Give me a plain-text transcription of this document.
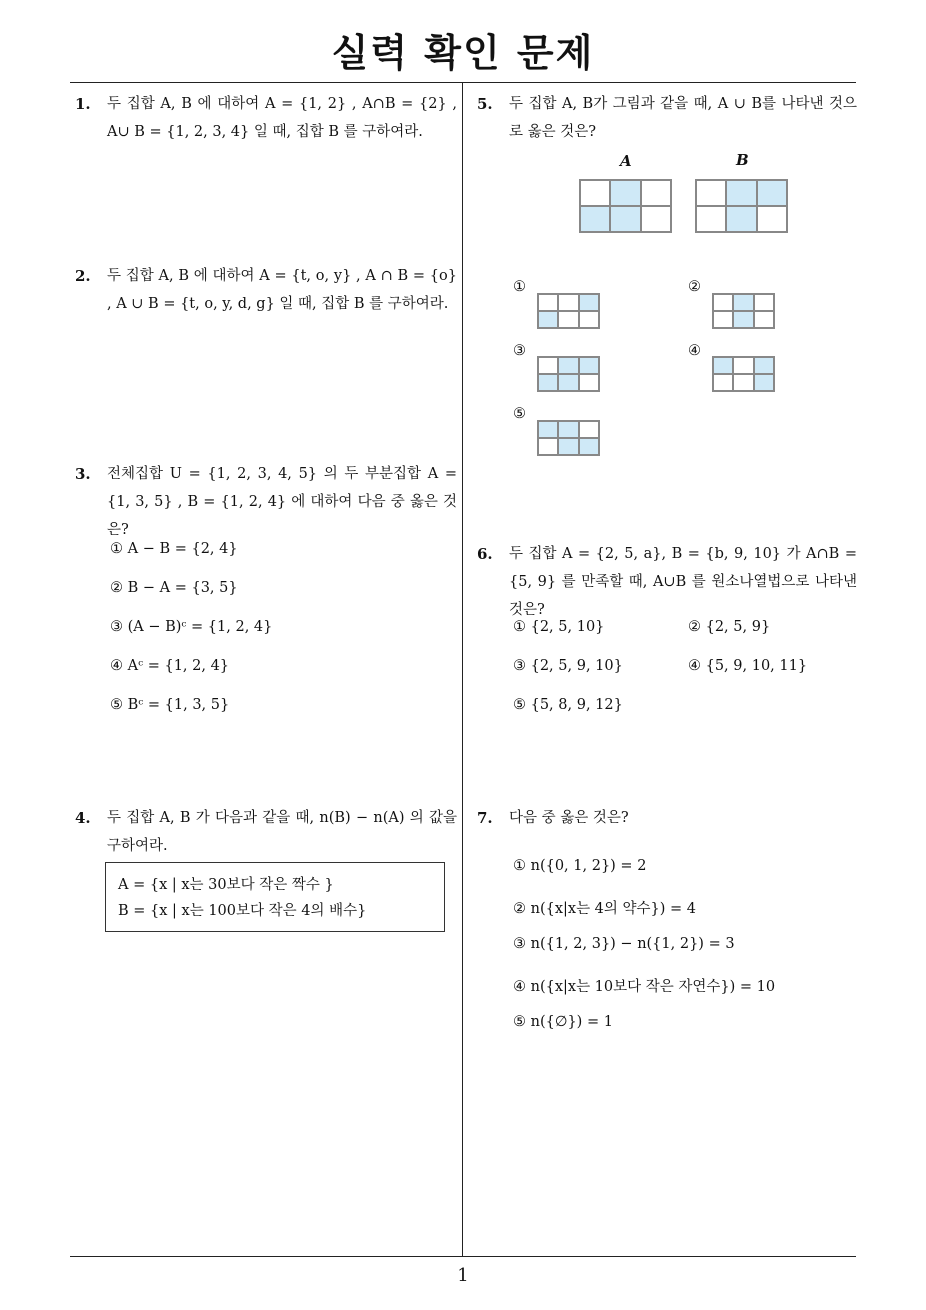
실력 확인 문제
1
1. 두 집합 A, B 에 대하여 A = {1, 2} , A∩B = {2} , A∪ B = {1, 2, 3, 4} 일 때, 집합 B 를 구하여라.
2. 두 집합 A, B 에 대하여 A = {t, o, y} , A ∩ B = {o} , A ∪ B = {t, o, y, d, g} 일 때, 집합 B 를 구하여라.
3. 전체집합 U = {1, 2, 3, 4, 5} 의 두 부분집합 A = {1, 3, 5} , B = {1, 2, 4} 에 대하여 다음 중 옳은 것은?
① A − B = {2, 4}
② B − A = {3, 5}
③ (A − B)ᶜ = {1, 2, 4}
④ Aᶜ = {1, 2, 4}
⑤ Bᶜ = {1, 3, 5}
4. 두 집합 A, B 가 다음과 같을 때, n(B) − n(A) 의 값을 구하여라.
A = {x | x는 30보다 작은 짝수 }
B = {x | x는 100보다 작은 4의 배수}
5. 두 집합 A, B가 그림과 같을 때, A ∪ B를 나타낸 것으로 옳은 것은?
A	B
①	②
③	④
⑤
6. 두 집합 A = {2, 5, a}, B = {b, 9, 10} 가 A∩B = {5, 9} 를 만족할 때, A∪B 를 원소나열법으로 나타낸 것은?
① {2, 5, 10}	② {2, 5, 9}
③ {2, 5, 9, 10}	④ {5, 9, 10, 11}
⑤ {5, 8, 9, 12}
7. 다음 중 옳은 것은?
① n({0, 1, 2}) = 2
② n({x|x는 4의 약수}) = 4
③ n({1, 2, 3}) − n({1, 2}) = 3
④ n({x|x는 10보다 작은 자연수}) = 10
⑤ n({∅}) = 1
